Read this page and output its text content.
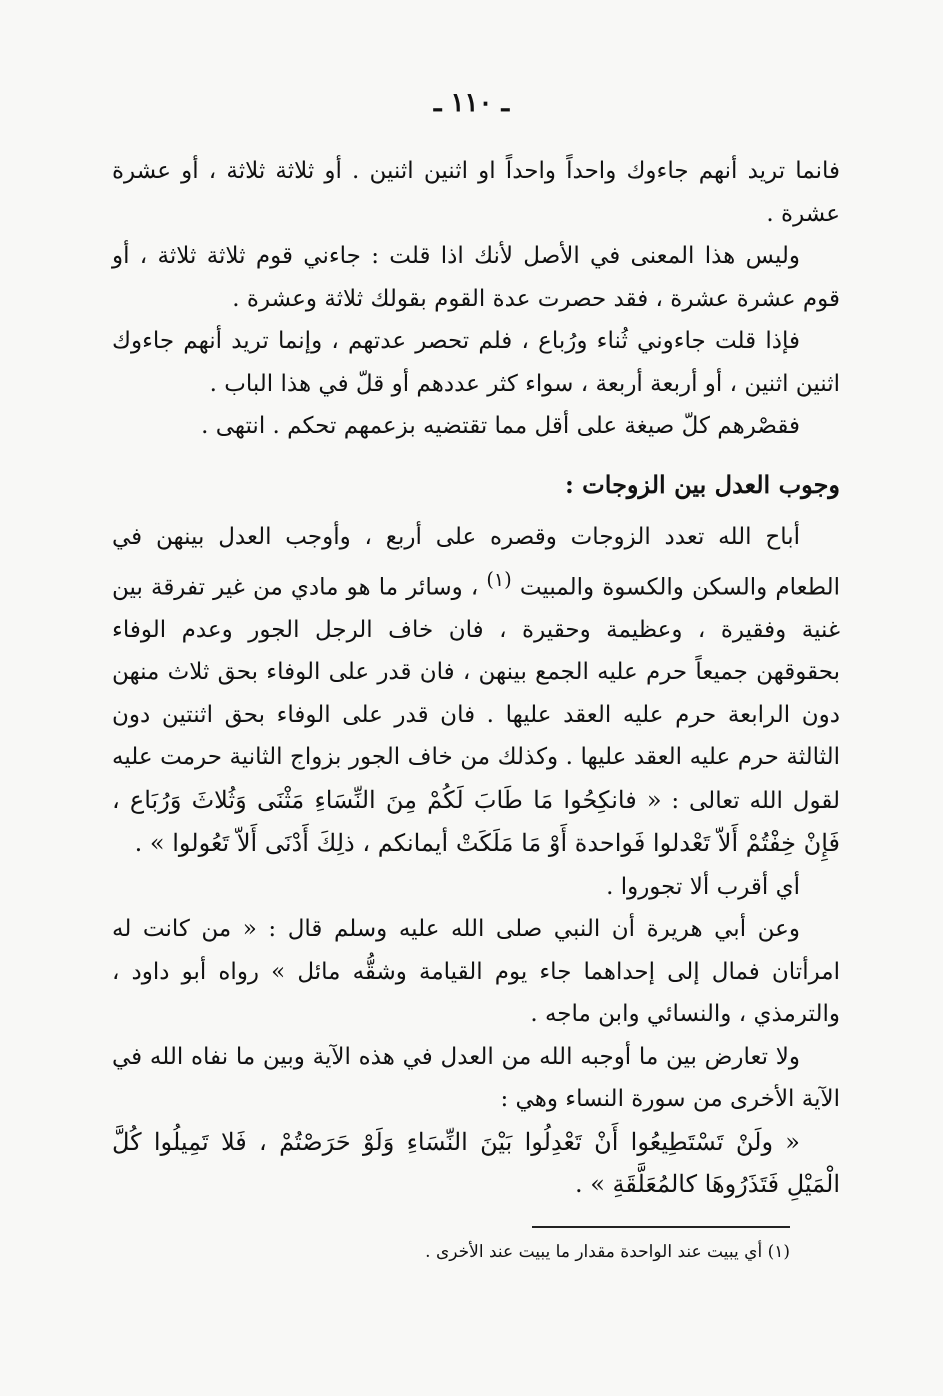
ـ ١١٠ ـ

فانما تريد أنهم جاءوك واحداً واحداً او اثنين اثنين . أو ثلاثة ثلاثة ، أو عشرة عشرة .

وليس هذا المعنى في الأصل لأنك اذا قلت : جاءني قوم ثلاثة ثلاثة ، أو قوم عشرة عشرة ، فقد حصرت عدة القوم بقولك ثلاثة وعشرة .

فإذا قلت جاءوني ثُناء ورُباع ، فلم تحصر عدتهم ، وإنما تريد أنهم جاءوك اثنين اثنين ، أو أربعة أربعة ، سواء كثر عددهم أو قلّ في هذا الباب .

فقصْرهم كلّ صيغة على أقل مما تقتضيه بزعمهم تحكم . انتهى .

وجوب العدل بين الزوجات :

أباح الله تعدد الزوجات وقصره على أربع ، وأوجب العدل بينهن في الطعام والسكن والكسوة والمبيت $^{(١)}$ ، وسائر ما هو مادي من غير تفرقة بين غنية وفقيرة ، وعظيمة وحقيرة ، فان خاف الرجل الجور وعدم الوفاء بحقوقهن جميعاً حرم عليه الجمع بينهن ، فان قدر على الوفاء بحق ثلاث منهن دون الرابعة حرم عليه العقد عليها . فان قدر على الوفاء بحق اثنتين دون الثالثة حرم عليه العقد عليها . وكذلك من خاف الجور بزواج الثانية حرمت عليه لقول الله تعالى : « فانكِحُوا مَا طَابَ لَكُمْ مِنَ النِّسَاءِ مَثْنَى وَثُلاثَ وَرُبَاع ، فَإِنْ خِفْتُمْ أَلاّ تَعْدلوا فَواحدة أَوْ مَا مَلَكَتْ أيمانكم ، ذلِكَ أَدْنَى أَلاّ تَعُولوا » .

أي أقرب ألا تجوروا .

وعن أبي هريرة أن النبي صلى الله عليه وسلم قال : « من كانت له امرأتان فمال إلى إحداهما جاء يوم القيامة وشقُّه مائل » رواه أبو داود ، والترمذي ، والنسائي وابن ماجه .

ولا تعارض بين ما أوجبه الله من العدل في هذه الآية وبين ما نفاه الله في الآية الأخرى من سورة النساء وهي :

« ولَنْ تَسْتَطِيعُوا أَنْ تَعْدِلُوا بَيْنَ النِّسَاءِ وَلَوْ حَرَصْتُمْ ، فَلا تَمِيلُوا كُلَّ الْمَيْلِ فَتَذَرُوهَا كالمُعَلَّقَةِ » .

(١) أي يبيت عند الواحدة مقدار ما يبيت عند الأخرى .
